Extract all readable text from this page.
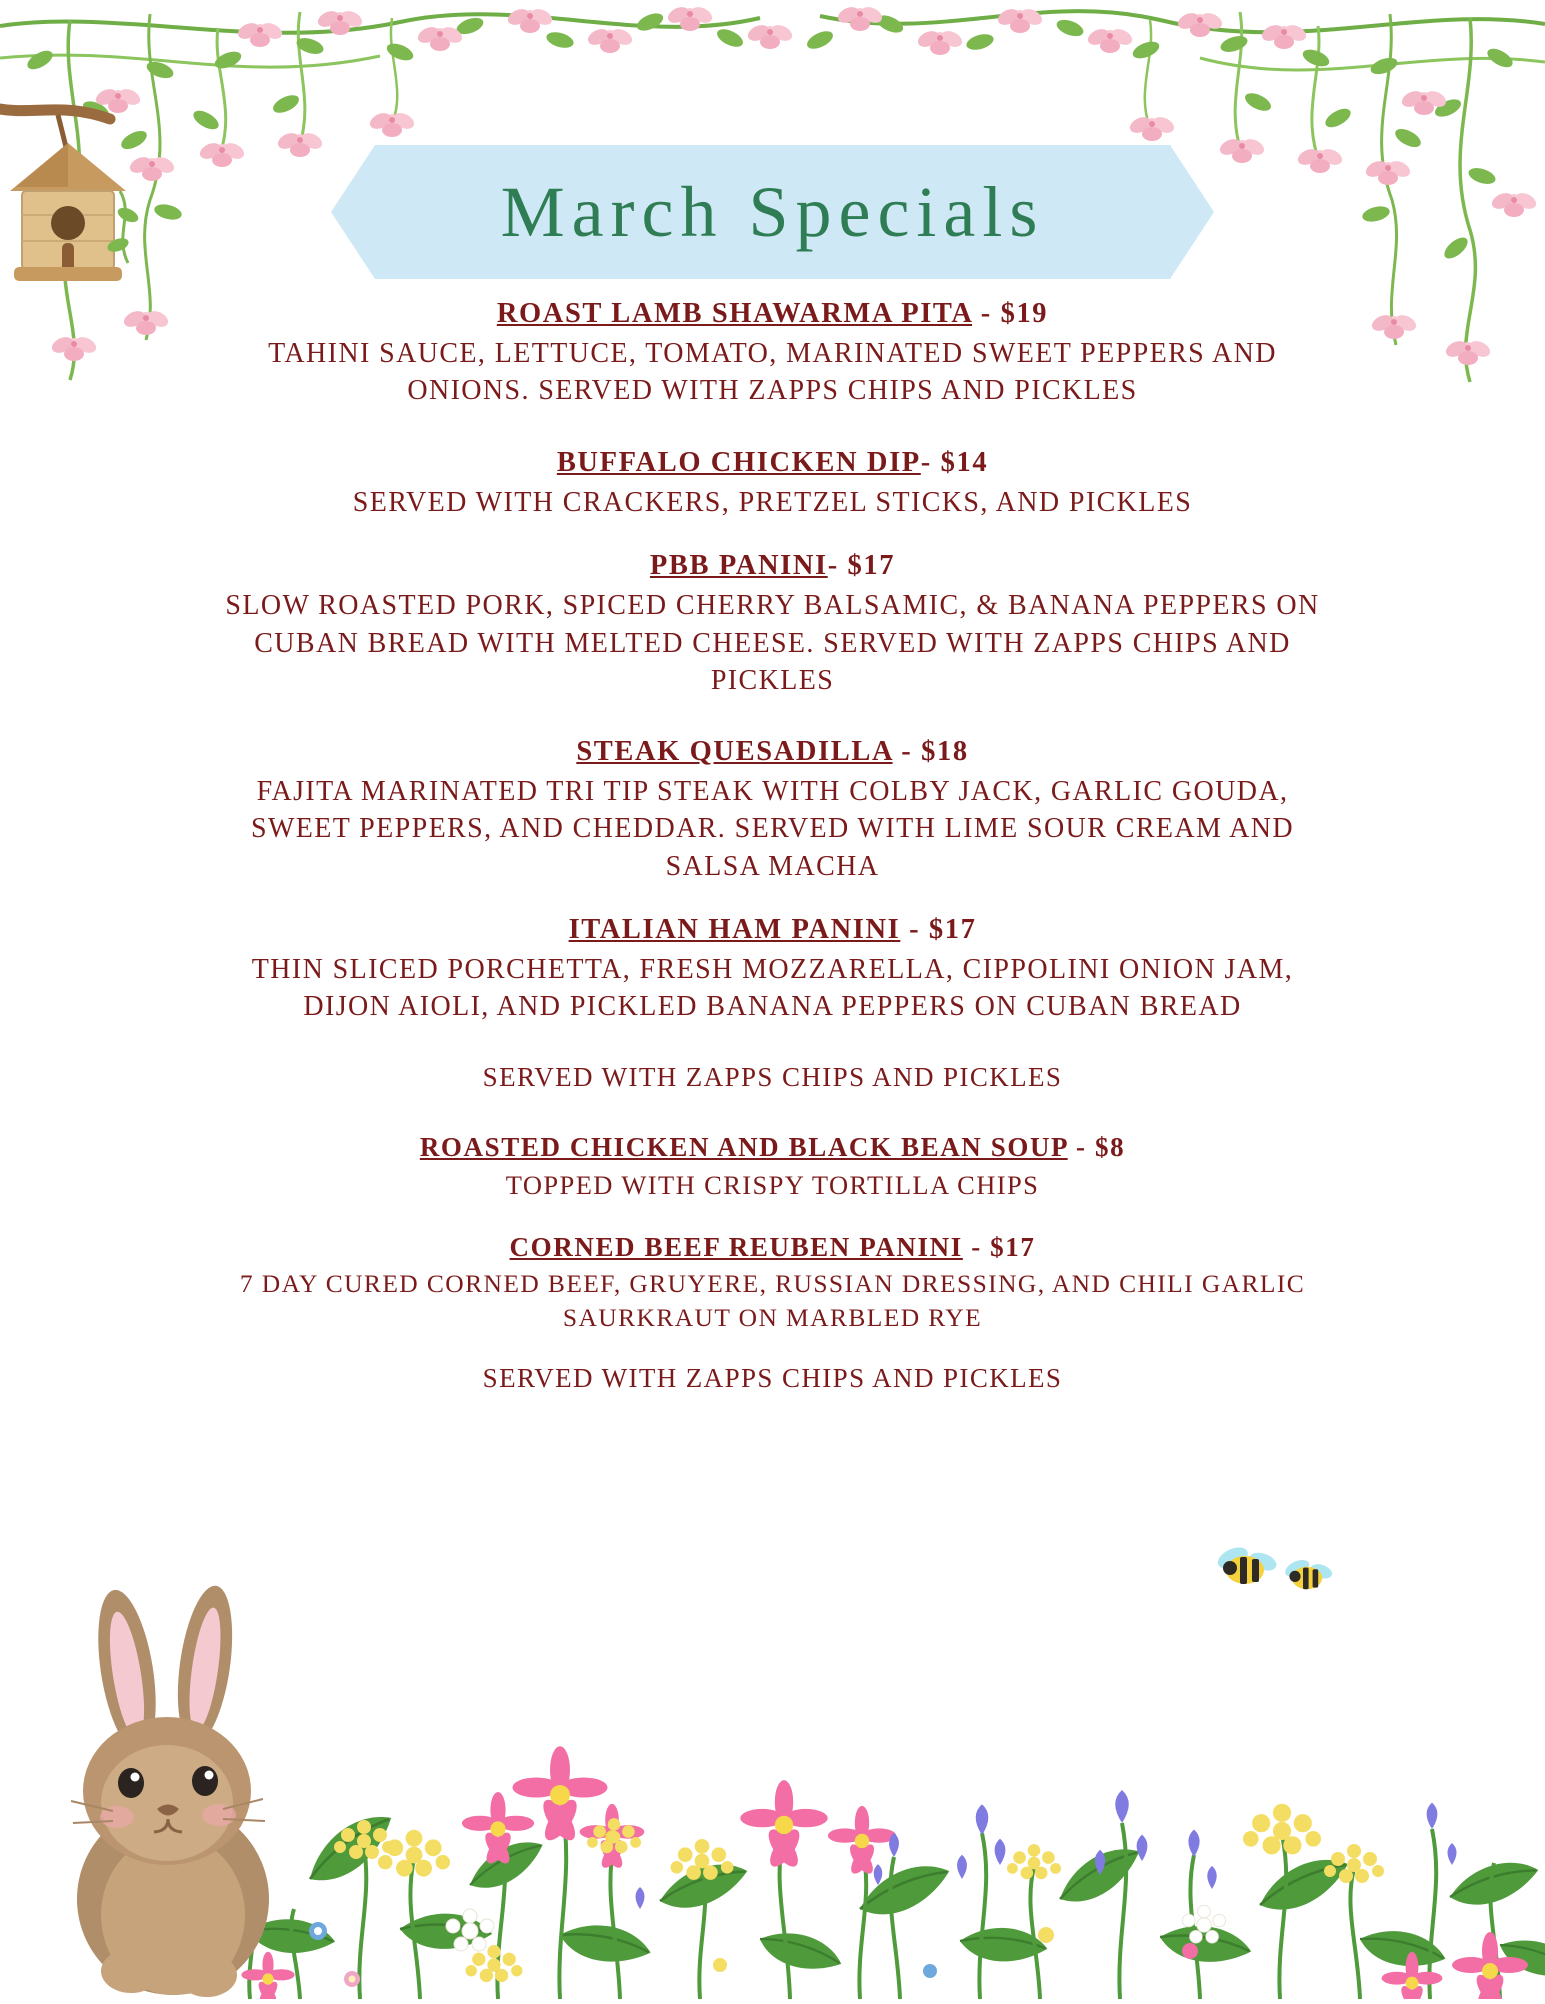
March Specials
ROAST LAMB SHAWARMA PITA - $19
TAHINI SAUCE, LETTUCE, TOMATO, MARINATED SWEET PEPPERS AND ONIONS. SERVED WITH ZAPPS CHIPS AND PICKLES
BUFFALO CHICKEN DIP- $14
SERVED WITH CRACKERS, PRETZEL STICKS, AND PICKLES
PBB PANINI- $17
SLOW ROASTED PORK, SPICED CHERRY BALSAMIC, & BANANA PEPPERS ON CUBAN BREAD WITH MELTED CHEESE. SERVED WITH ZAPPS CHIPS AND PICKLES
STEAK QUESADILLA - $18
FAJITA MARINATED TRI TIP STEAK WITH COLBY JACK, GARLIC GOUDA, SWEET PEPPERS, AND CHEDDAR. SERVED WITH LIME SOUR CREAM AND SALSA MACHA
ITALIAN HAM PANINI - $17
THIN SLICED PORCHETTA, FRESH MOZZARELLA, CIPPOLINI ONION JAM, DIJON AIOLI, AND PICKLED BANANA PEPPERS ON CUBAN BREAD
SERVED WITH ZAPPS CHIPS AND PICKLES
ROASTED CHICKEN AND BLACK BEAN SOUP - $8
TOPPED WITH CRISPY TORTILLA CHIPS
CORNED BEEF REUBEN PANINI - $17
7 DAY CURED CORNED BEEF, GRUYERE, RUSSIAN DRESSING, AND CHILI GARLIC SAURKRAUT ON MARBLED RYE
SERVED WITH ZAPPS CHIPS AND PICKLES
